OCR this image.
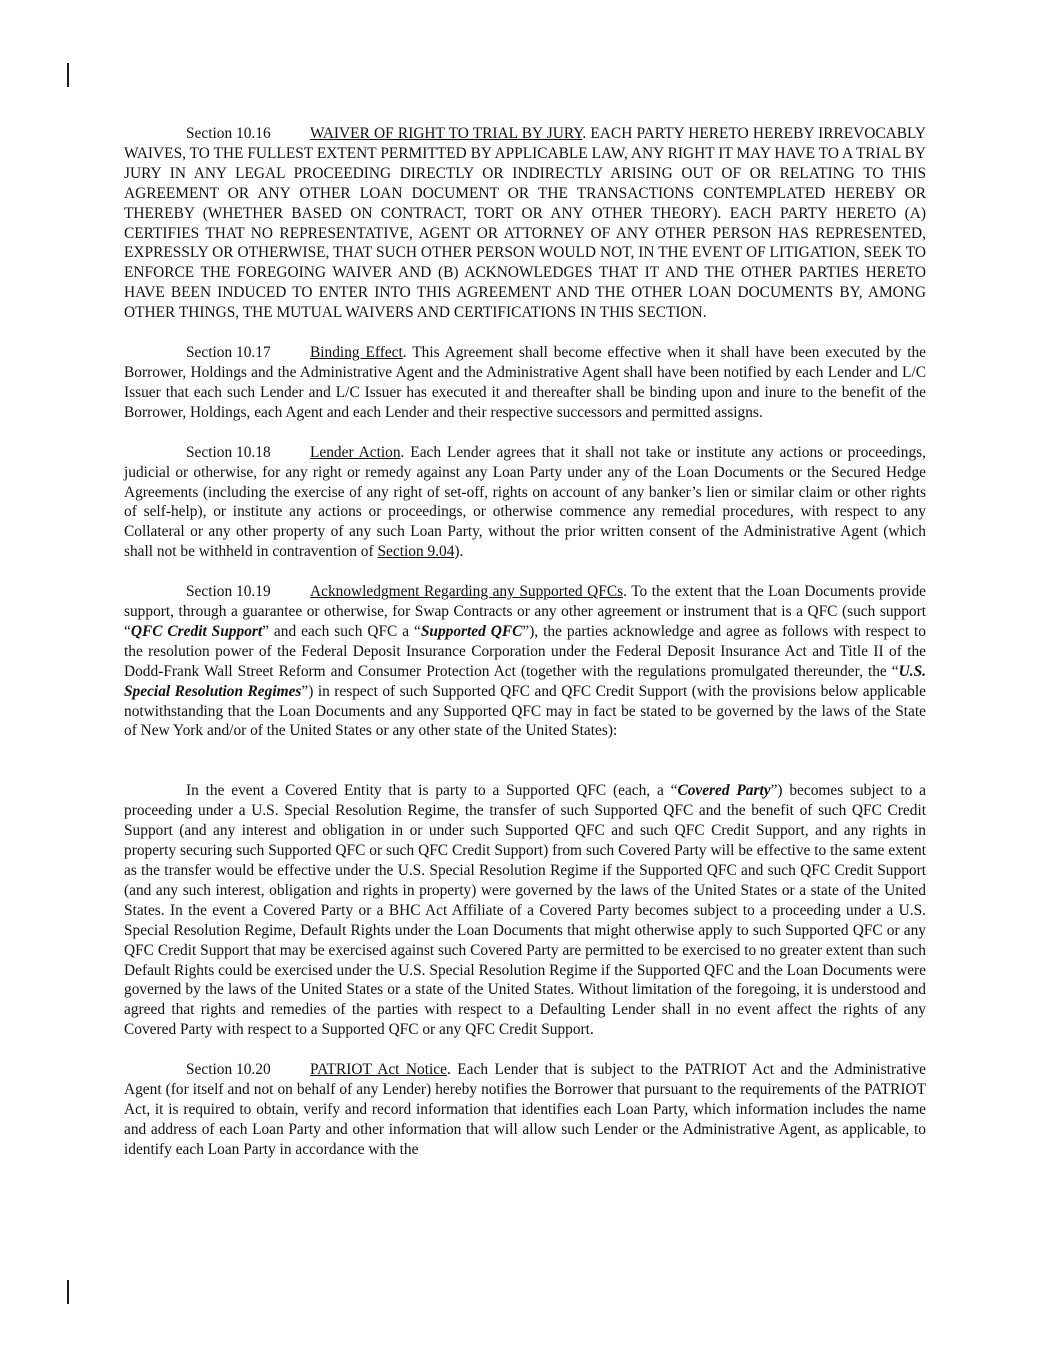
Section 10.16	WAIVER OF RIGHT TO TRIAL BY JURY. EACH PARTY HERETO HEREBY IRREVOCABLY WAIVES, TO THE FULLEST EXTENT PERMITTED BY APPLICABLE LAW, ANY RIGHT IT MAY HAVE TO A TRIAL BY JURY IN ANY LEGAL PROCEEDING DIRECTLY OR INDIRECTLY ARISING OUT OF OR RELATING TO THIS AGREEMENT OR ANY OTHER LOAN DOCUMENT OR THE TRANSACTIONS CONTEMPLATED HEREBY OR THEREBY (WHETHER BASED ON CONTRACT, TORT OR ANY OTHER THEORY). EACH PARTY HERETO (A) CERTIFIES THAT NO REPRESENTATIVE, AGENT OR ATTORNEY OF ANY OTHER PERSON HAS REPRESENTED, EXPRESSLY OR OTHERWISE, THAT SUCH OTHER PERSON WOULD NOT, IN THE EVENT OF LITIGATION, SEEK TO ENFORCE THE FOREGOING WAIVER AND (B) ACKNOWLEDGES THAT IT AND THE OTHER PARTIES HERETO HAVE BEEN INDUCED TO ENTER INTO THIS AGREEMENT AND THE OTHER LOAN DOCUMENTS BY, AMONG OTHER THINGS, THE MUTUAL WAIVERS AND CERTIFICATIONS IN THIS SECTION.

Section 10.17	Binding Effect. This Agreement shall become effective when it shall have been executed by the Borrower, Holdings and the Administrative Agent and the Administrative Agent shall have been notified by each Lender and L/C Issuer that each such Lender and L/C Issuer has executed it and thereafter shall be binding upon and inure to the benefit of the Borrower, Holdings, each Agent and each Lender and their respective successors and permitted assigns.

Section 10.18	Lender Action. Each Lender agrees that it shall not take or institute any actions or proceedings, judicial or otherwise, for any right or remedy against any Loan Party under any of the Loan Documents or the Secured Hedge Agreements (including the exercise of any right of set-off, rights on account of any banker’s lien or similar claim or other rights of self-help), or institute any actions or proceedings, or otherwise commence any remedial procedures, with respect to any Collateral or any other property of any such Loan Party, without the prior written consent of the Administrative Agent (which shall not be withheld in contravention of Section 9.04).

Section 10.19	Acknowledgment Regarding any Supported QFCs. To the extent that the Loan Documents provide support, through a guarantee or otherwise, for Swap Contracts or any other agreement or instrument that is a QFC (such support “QFC Credit Support” and each such QFC a “Supported QFC”), the parties acknowledge and agree as follows with respect to the resolution power of the Federal Deposit Insurance Corporation under the Federal Deposit Insurance Act and Title II of the Dodd-Frank Wall Street Reform and Consumer Protection Act (together with the regulations promulgated thereunder, the “U.S. Special Resolution Regimes”) in respect of such Supported QFC and QFC Credit Support (with the provisions below applicable notwithstanding that the Loan Documents and any Supported QFC may in fact be stated to be governed by the laws of the State of New York and/or of the United States or any other state of the United States):

In the event a Covered Entity that is party to a Supported QFC (each, a “Covered Party”) becomes subject to a proceeding under a U.S. Special Resolution Regime, the transfer of such Supported QFC and the benefit of such QFC Credit Support (and any interest and obligation in or under such Supported QFC and such QFC Credit Support, and any rights in property securing such Supported QFC or such QFC Credit Support) from such Covered Party will be effective to the same extent as the transfer would be effective under the U.S. Special Resolution Regime if the Supported QFC and such QFC Credit Support (and any such interest, obligation and rights in property) were governed by the laws of the United States or a state of the United States. In the event a Covered Party or a BHC Act Affiliate of a Covered Party becomes subject to a proceeding under a U.S. Special Resolution Regime, Default Rights under the Loan Documents that might otherwise apply to such Supported QFC or any QFC Credit Support that may be exercised against such Covered Party are permitted to be exercised to no greater extent than such Default Rights could be exercised under the U.S. Special Resolution Regime if the Supported QFC and the Loan Documents were governed by the laws of the United States or a state of the United States. Without limitation of the foregoing, it is understood and agreed that rights and remedies of the parties with respect to a Defaulting Lender shall in no event affect the rights of any Covered Party with respect to a Supported QFC or any QFC Credit Support.

Section 10.20	PATRIOT Act Notice. Each Lender that is subject to the PATRIOT Act and the Administrative Agent (for itself and not on behalf of any Lender) hereby notifies the Borrower that pursuant to the requirements of the PATRIOT Act, it is required to obtain, verify and record information that identifies each Loan Party, which information includes the name and address of each Loan Party and other information that will allow such Lender or the Administrative Agent, as applicable, to identify each Loan Party in accordance with the
